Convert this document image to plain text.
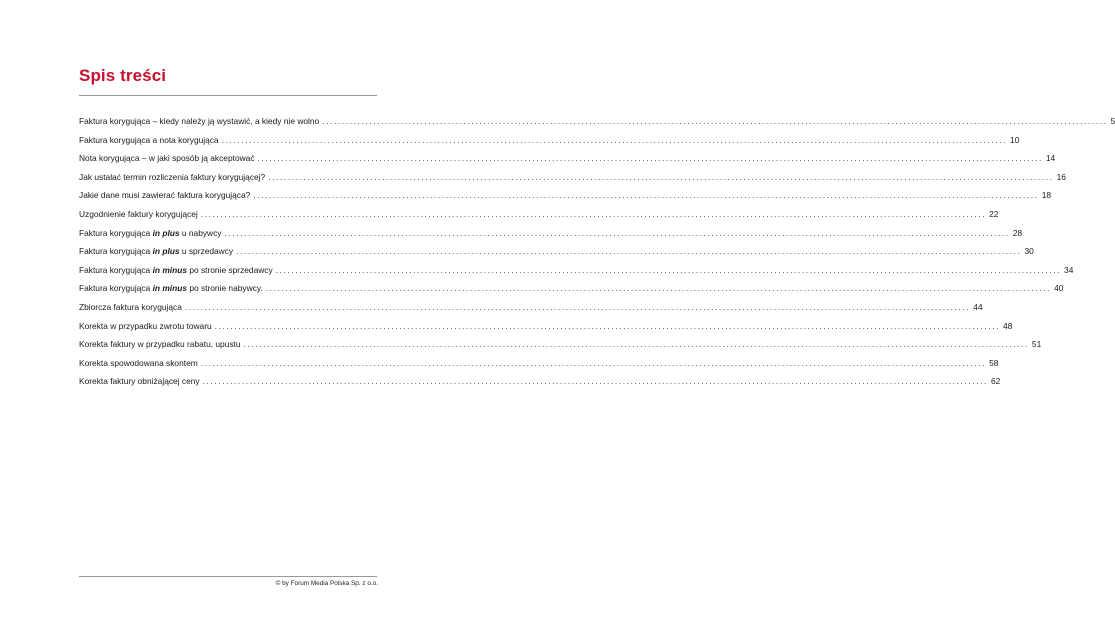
Spis treści
Faktura korygująca – kiedy należy ją wystawić, a kiedy nie wolno ........................................................................................................................................................................................................ 5
Faktura korygująca a nota korygująca ........................................................................................................................................................................................................ 10
Nota korygująca – w jaki sposób ją akceptować ........................................................................................................................................................................................................ 14
Jak ustalać termin rozliczenia faktury korygującej? ........................................................................................................................................................................................................ 16
Jakie dane musi zawierać faktura korygująca? ........................................................................................................................................................................................................ 18
Uzgodnienie faktury korygującej ........................................................................................................................................................................................................ 22
Faktura korygująca in plus u nabywcy ........................................................................................................................................................................................................ 28
Faktura korygująca in plus u sprzedawcy ........................................................................................................................................................................................................ 30
Faktura korygująca in minus po stronie sprzedawcy ........................................................................................................................................................................................................ 34
Faktura korygująca in minus po stronie nabywcy. ........................................................................................................................................................................................................ 40
Zbiorcza faktura korygująca ........................................................................................................................................................................................................ 44
Korekta w przypadku zwrotu towaru ........................................................................................................................................................................................................ 48
Korekta faktury w przypadku rabatu, upustu ........................................................................................................................................................................................................ 51
Korekta spowodowana skontem ........................................................................................................................................................................................................ 58
Korekta faktury obniżającej ceny ........................................................................................................................................................................................................ 62
© by Forum Media Polska Sp. z o.o.
